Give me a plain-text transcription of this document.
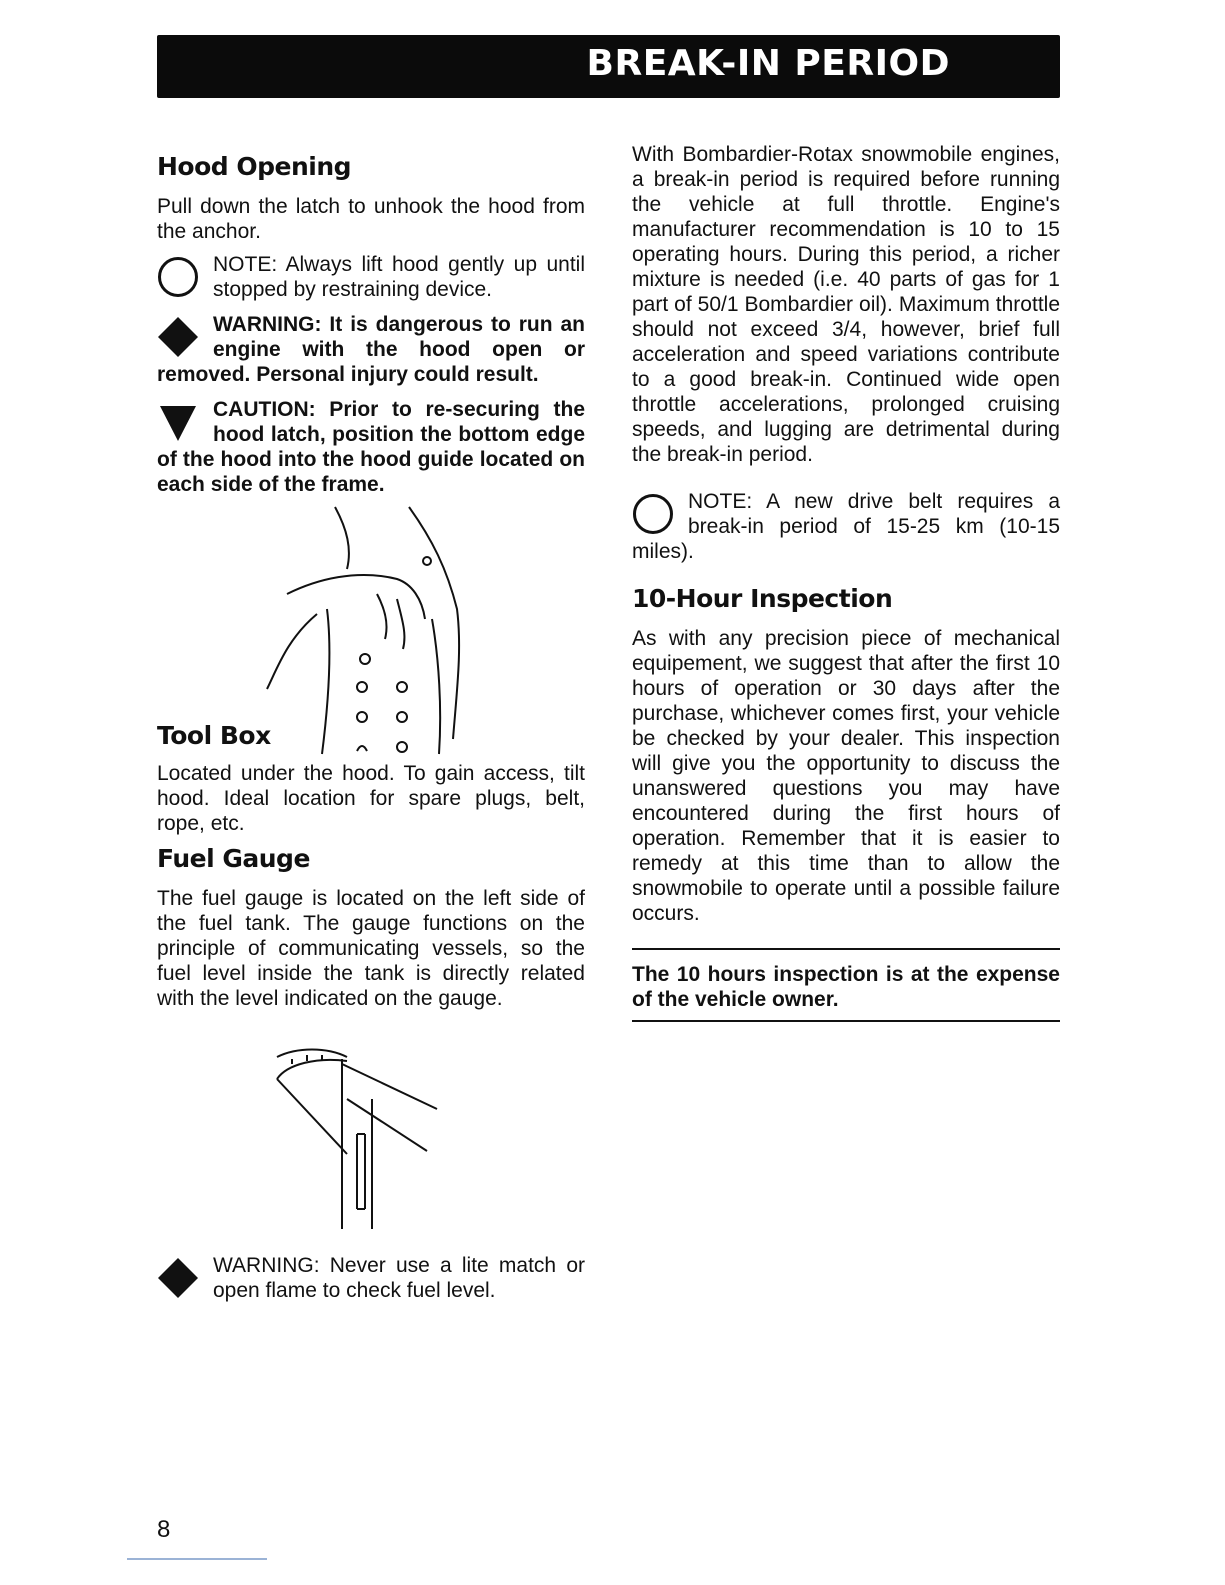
BREAK-IN PERIOD
Hood Opening

Pull down the latch to unhook the hood from the anchor.

NOTE: Always lift hood gently up until stopped by restraining device.

WARNING: It is dangerous to run an engine with the hood open or removed. Personal injury could result.

CAUTION: Prior to re-securing the hood latch, position the bottom edge of the hood into the hood guide located on each side of the frame.

Tool Box

Located under the hood. To gain access, tilt hood. Ideal location for spare plugs, belt, rope, etc.

Fuel Gauge

The fuel gauge is located on the left side of the fuel tank. The gauge functions on the principle of communicating vessels, so the fuel level inside the tank is directly related with the level indicated on the gauge.

WARNING: Never use a lite match or open flame to check fuel level.

With Bombardier-Rotax snowmobile engines, a break-in period is required before running the vehicle at full throttle. Engine's manufacturer recommendation is 10 to 15 operating hours. During this period, a richer mixture is needed (i.e. 40 parts of gas for 1 part of 50/1 Bombardier oil). Maximum throttle should not exceed 3/4, however, brief full acceleration and speed variations contribute to a good break-in. Continued wide open throttle accelerations, prolonged cruising speeds, and lugging are detrimental during the break-in period.

NOTE: A new drive belt requires a break-in period of 15-25 km (10-15 miles).

10-Hour Inspection

As with any precision piece of mechanical equipement, we suggest that after the first 10 hours of operation or 30 days after the purchase, whichever comes first, your vehicle be checked by your dealer. This inspection will give you the opportunity to discuss the unanswered questions you may have encountered during the first hours of operation. Remember that it is easier to remedy at this time than to allow the snowmobile to operate until a possible failure occurs.

The 10 hours inspection is at the expense of the vehicle owner.

8
